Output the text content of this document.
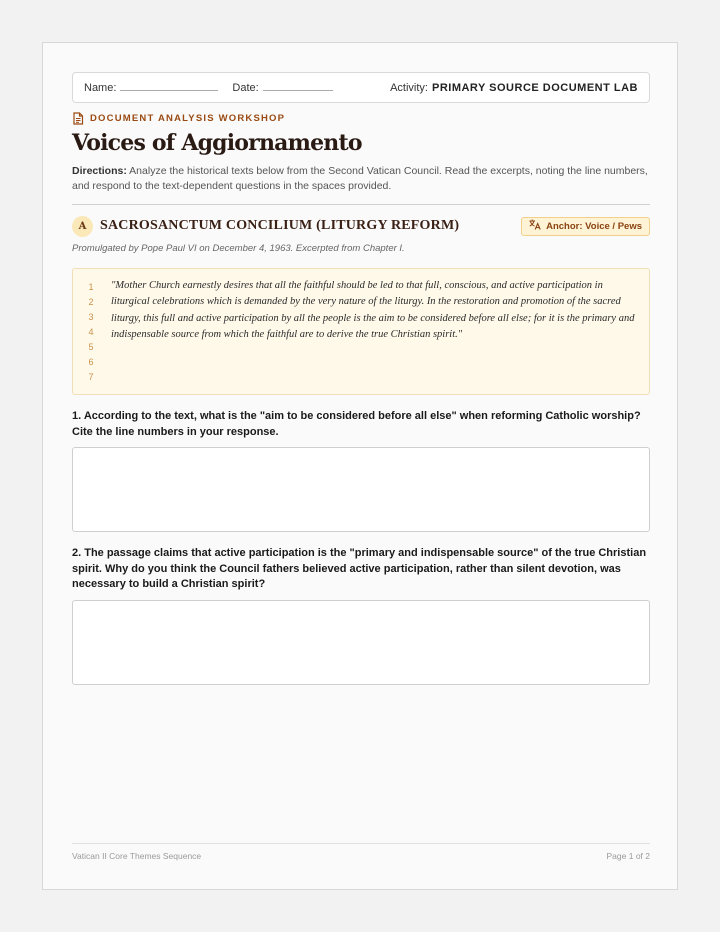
Name:	Date:	Activity: PRIMARY SOURCE DOCUMENT LAB
DOCUMENT ANALYSIS WORKSHOP
Voices of Aggiornamento

Directions: Analyze the historical texts below from the Second Vatican Council. Read the excerpts, noting the line numbers, and respond to the text-dependent questions in the spaces provided.

A SACROSANCTUM CONCILIUM (LITURGY REFORM)	Anchor: Voice / Pews

Promulgated by Pope Paul VI on December 4, 1963. Excerpted from Chapter I.

1
2
3
4
5
6
7

"Mother Church earnestly desires that all the faithful should be led to that full, conscious, and active participation in liturgical celebrations which is demanded by the very nature of the liturgy. In the restoration and promotion of the sacred liturgy, this full and active participation by all the people is the aim to be considered before all else; for it is the primary and indispensable source from which the faithful are to derive the true Christian spirit."

1. According to the text, what is the "aim to be considered before all else" when reforming Catholic worship? Cite the line numbers in your response.

2. The passage claims that active participation is the "primary and indispensable source" of the true Christian spirit. Why do you think the Council fathers believed active participation, rather than silent devotion, was necessary to build a Christian spirit?

Vatican II Core Themes Sequence	Page 1 of 2
